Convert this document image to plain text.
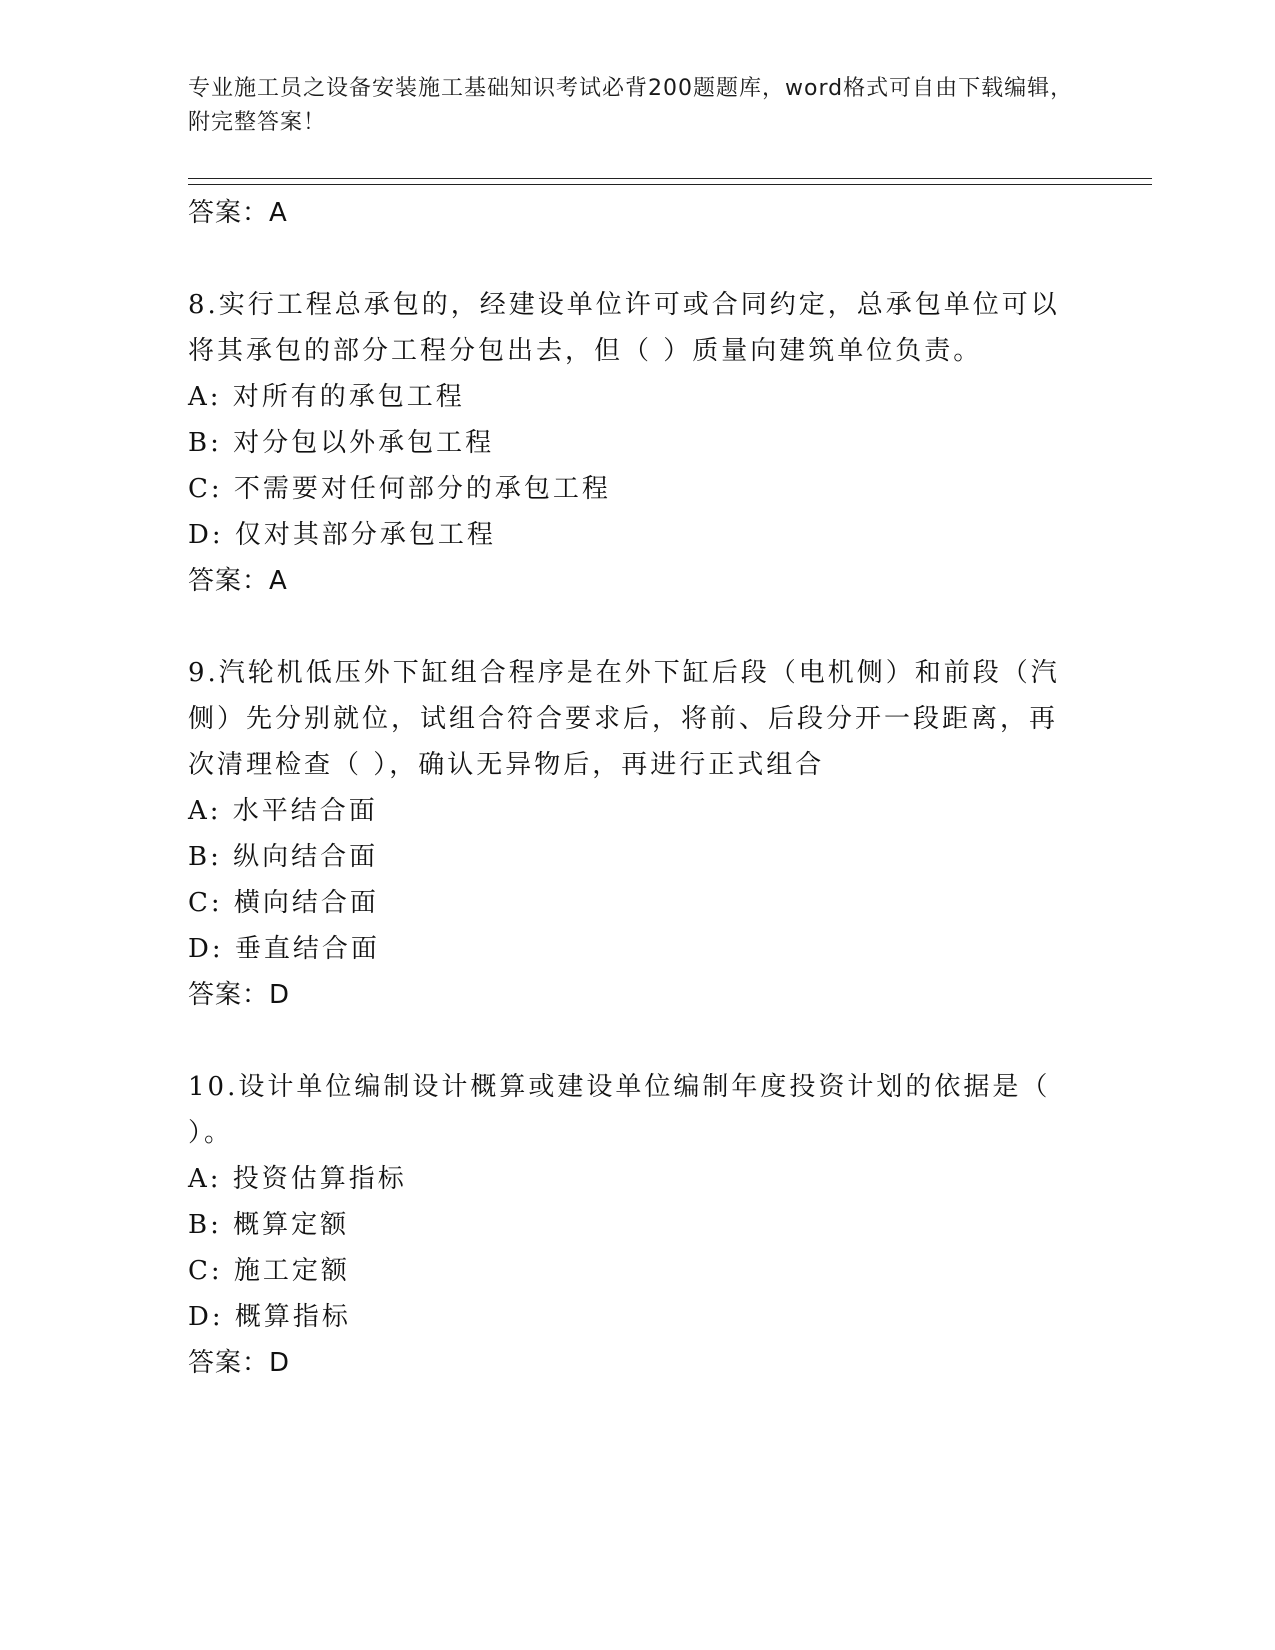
专业施工员之设备安装施工基础知识考试必背200题题库，word格式可自由下载编辑，附完整答案！
答案：A
8.实行工程总承包的，经建设单位许可或合同约定，总承包单位可以将其承包的部分工程分包出去，但（ ）质量向建筑单位负责。
A: 对所有的承包工程
B: 对分包以外承包工程
C: 不需要对任何部分的承包工程
D: 仅对其部分承包工程
答案：A
9.汽轮机低压外下缸组合程序是在外下缸后段（电机侧）和前段（汽侧）先分别就位，试组合符合要求后，将前、后段分开一段距离，再次清理检查（ ），确认无异物后，再进行正式组合
A: 水平结合面
B: 纵向结合面
C: 横向结合面
D: 垂直结合面
答案：D
10.设计单位编制设计概算或建设单位编制年度投资计划的依据是（ ）。
A: 投资估算指标
B: 概算定额
C: 施工定额
D: 概算指标
答案：D
